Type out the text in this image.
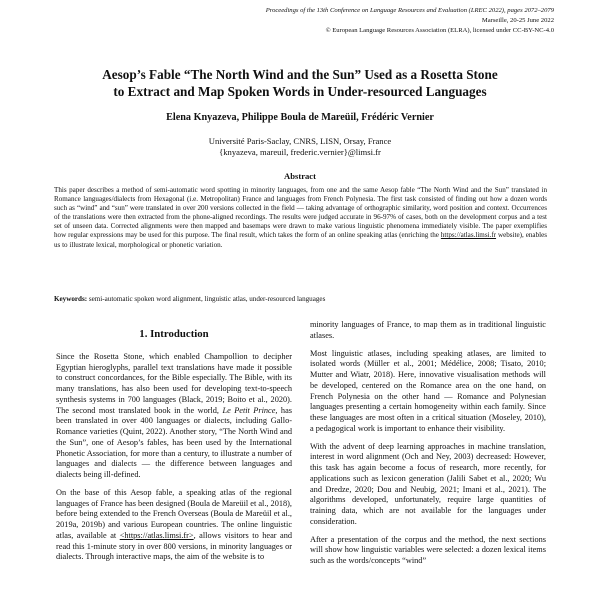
Proceedings of the 13th Conference on Language Resources and Evaluation (LREC 2022), pages 2072–2079
Marseille, 20-25 June 2022
© European Language Resources Association (ELRA), licensed under CC-BY-NC-4.0
Aesop’s Fable “The North Wind and the Sun” Used as a Rosetta Stone
to Extract and Map Spoken Words in Under-resourced Languages
Elena Knyazeva, Philippe Boula de Mareüil, Frédéric Vernier
Université Paris-Saclay, CNRS, LISN, Orsay, France
{knyazeva, mareuil, frederic.vernier}@limsi.fr
Abstract
This paper describes a method of semi-automatic word spotting in minority languages, from one and the same Aesop fable “The North Wind and the Sun” translated in Romance languages/dialects from Hexagonal (i.e. Metropolitan) France and languages from French Polynesia. The first task consisted of finding out how a dozen words such as “wind” and “sun” were translated in over 200 versions collected in the field — taking advantage of orthographic similarity, word position and context. Occurrences of the translations were then extracted from the phone-aligned recordings. The results were judged accurate in 96-97% of cases, both on the development corpus and a test set of unseen data. Corrected alignments were then mapped and basemaps were drawn to make various linguistic phenomena immediately visible. The paper exemplifies how regular expressions may be used for this purpose. The final result, which takes the form of an online speaking atlas (enriching the https://atlas.limsi.fr website), enables us to illustrate lexical, morphological or phonetic variation.
Keywords: semi-automatic spoken word alignment, linguistic atlas, under-resourced languages
1. Introduction

Since the Rosetta Stone, which enabled Champollion to decipher Egyptian hieroglyphs, parallel text translations have made it possible to construct concordances, for the Bible especially. The Bible, with its many translations, has also been used for developing text-to-speech synthesis systems in 700 languages (Black, 2019; Boito et al., 2020). The second most translated book in the world, Le Petit Prince, has been translated in over 400 languages or dialects, including Gallo-Romance varieties (Quint, 2022). Another story, “The North Wind and the Sun”, one of Aesop’s fables, has been used by the International Phonetic Association, for more than a century, to illustrate a number of languages and dialects — the difference between languages and dialects being ill-defined.

On the base of this Aesop fable, a speaking atlas of the regional languages of France has been designed (Boula de Mareüil et al., 2018), before being extended to the French Overseas (Boula de Mareüil et al., 2019a, 2019b) and various European countries. The online linguistic atlas, available at <https://atlas.limsi.fr>, allows visitors to hear and read this 1-minute story in over 800 versions, in minority languages or dialects. Through interactive maps, the aim of the website is to

minority languages of France, to map them as in traditional linguistic atlases.

Most linguistic atlases, including speaking atlases, are limited to isolated words (Müller et al., 2001; Médélice, 2008; Tisato, 2010; Mutter and Wiatr, 2018). Here, innovative visualisation methods will be developed, centered on the Romance area on the one hand, on French Polynesia on the other hand — Romance and Polynesian languages presenting a certain homogeneity within each family. Since these languages are most often in a critical situation (Moseley, 2010), a pedagogical work is important to enhance their visibility.

With the advent of deep learning approaches in machine translation, interest in word alignment (Och and Ney, 2003) decreased: However, this task has again become a focus of research, more recently, for applications such as lexicon generation (Jalili Sabet et al., 2020; Wu and Dredze, 2020; Dou and Neubig, 2021; Imani et al., 2021). The algorithms developed, unfortunately, require large quantities of training data, which are not available for the languages under consideration.

After a presentation of the corpus and the method, the next sections will show how linguistic variables were selected: a dozen lexical items such as the words/concepts “wind”
